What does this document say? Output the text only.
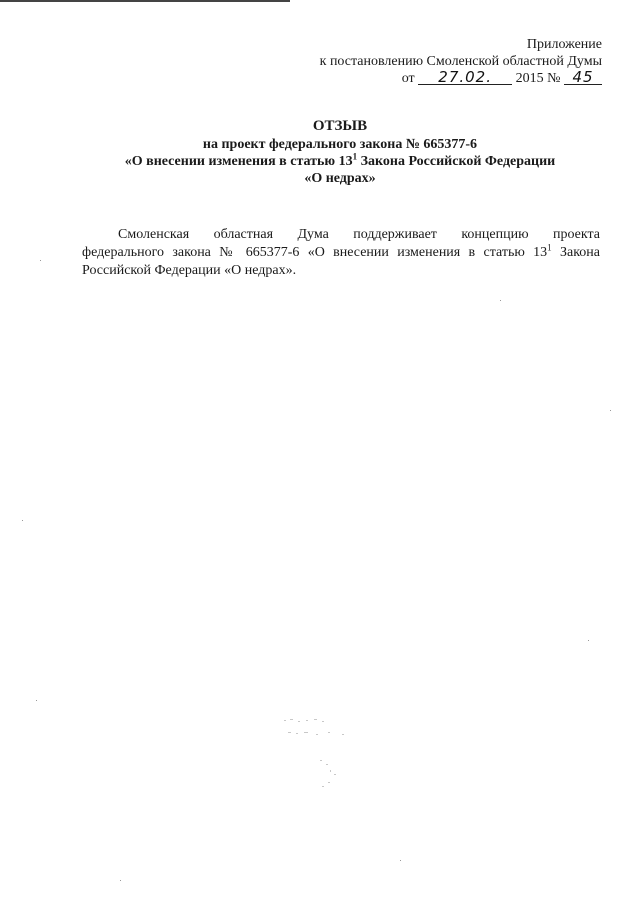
Приложение
к постановлению Смоленской областной Думы
от 27.02. 2015 № 45
ОТЗЫВ
на проект федерального закона № 665377-6
«О внесении изменения в статью $13^1$ Закона Российской Федерации
«О недрах»
Смоленская областная Дума поддерживает концепцию проекта
федерального закона № 665377-6 «О внесении изменения в статью $13^1$ Закона
Российской Федерации «О недрах».
